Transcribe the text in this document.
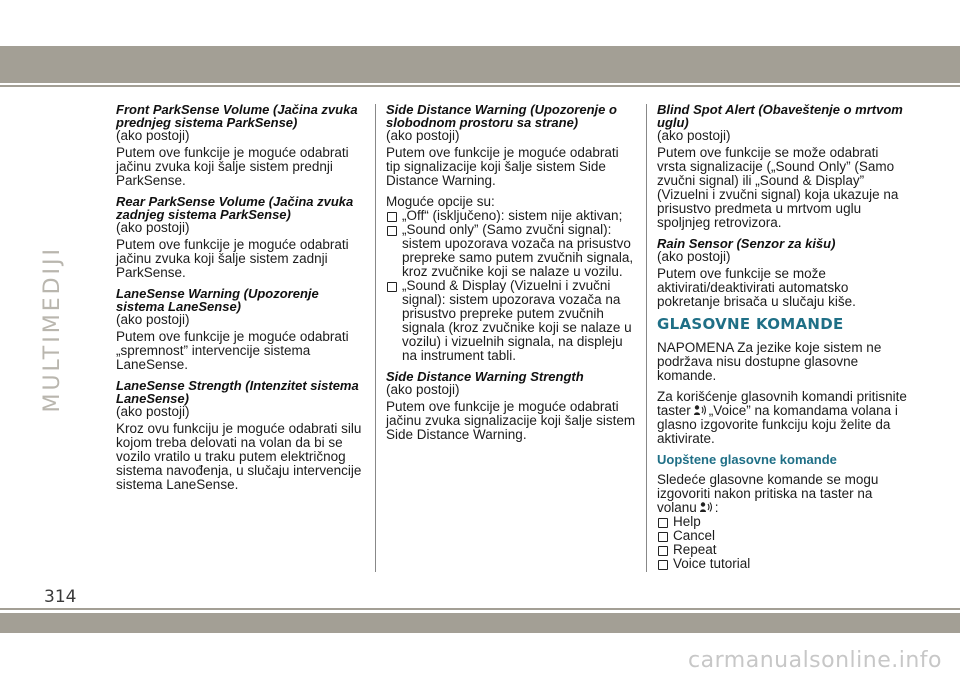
MULTIMEDIJI
Front ParkSense Volume (Jačina zvuka prednjeg sistema ParkSense)
(ako postoji)
Putem ove funkcije je moguće odabrati jačinu zvuka koji šalje sistem prednji ParkSense.
Rear ParkSense Volume (Jačina zvuka zadnjeg sistema ParkSense)
(ako postoji)
Putem ove funkcije je moguće odabrati jačinu zvuka koji šalje sistem zadnji ParkSense.
LaneSense Warning (Upozorenje sistema LaneSense)
(ako postoji)
Putem ove funkcije je moguće odabrati „spremnost” intervencije sistema LaneSense.
LaneSense Strength (Intenzitet sistema LaneSense)
(ako postoji)
Kroz ovu funkciju je moguće odabrati silu kojom treba delovati na volan da bi se vozilo vratilo u traku putem električnog sistema navođenja, u slučaju intervencije sistema LaneSense.
Side Distance Warning (Upozorenje o slobodnom prostoru sa strane)
(ako postoji)
Putem ove funkcije je moguće odabrati tip signalizacije koji šalje sistem Side Distance Warning.
Moguće opcije su:
„Off“ (isključeno): sistem nije aktivan;
„Sound only” (Samo zvučni signal): sistem upozorava vozača na prisustvo prepreke samo putem zvučnih signala, kroz zvučnike koji se nalaze u vozilu.
„Sound & Display (Vizuelni i zvučni signal): sistem upozorava vozača na prisustvo prepreke putem zvučnih signala (kroz zvučnike koji se nalaze u vozilu) i vizuelnih signala, na displeju na instrument tabli.
Side Distance Warning Strength
(ako postoji)
Putem ove funkcije je moguće odabrati jačinu zvuka signalizacije koji šalje sistem Side Distance Warning.
Blind Spot Alert (Obaveštenje o mrtvom uglu)
(ako postoji)
Putem ove funkcije se može odabrati vrsta signalizacije („Sound Only” (Samo zvučni signal) ili „Sound & Display” (Vizuelni i zvučni signal) koja ukazuje na prisustvo predmeta u mrtvom uglu spoljnjeg retrovizora.
Rain Sensor (Senzor za kišu)
(ako postoji)
Putem ove funkcije se može aktivirati/deaktivirati automatsko pokretanje brisača u slučaju kiše.
GLASOVNE KOMANDE
NAPOMENA Za jezike koje sistem ne podržava nisu dostupne glasovne komande.
Za korišćenje glasovnih komandi pritisnite taster „Voice” na komandama volana i glasno izgovorite funkciju koju želite da aktivirate.
Uopštene glasovne komande
Sledeće glasovne komande se mogu izgovoriti nakon pritiska na taster na volanu :
Help
Cancel
Repeat
Voice tutorial
314
carmanualsonline.info
